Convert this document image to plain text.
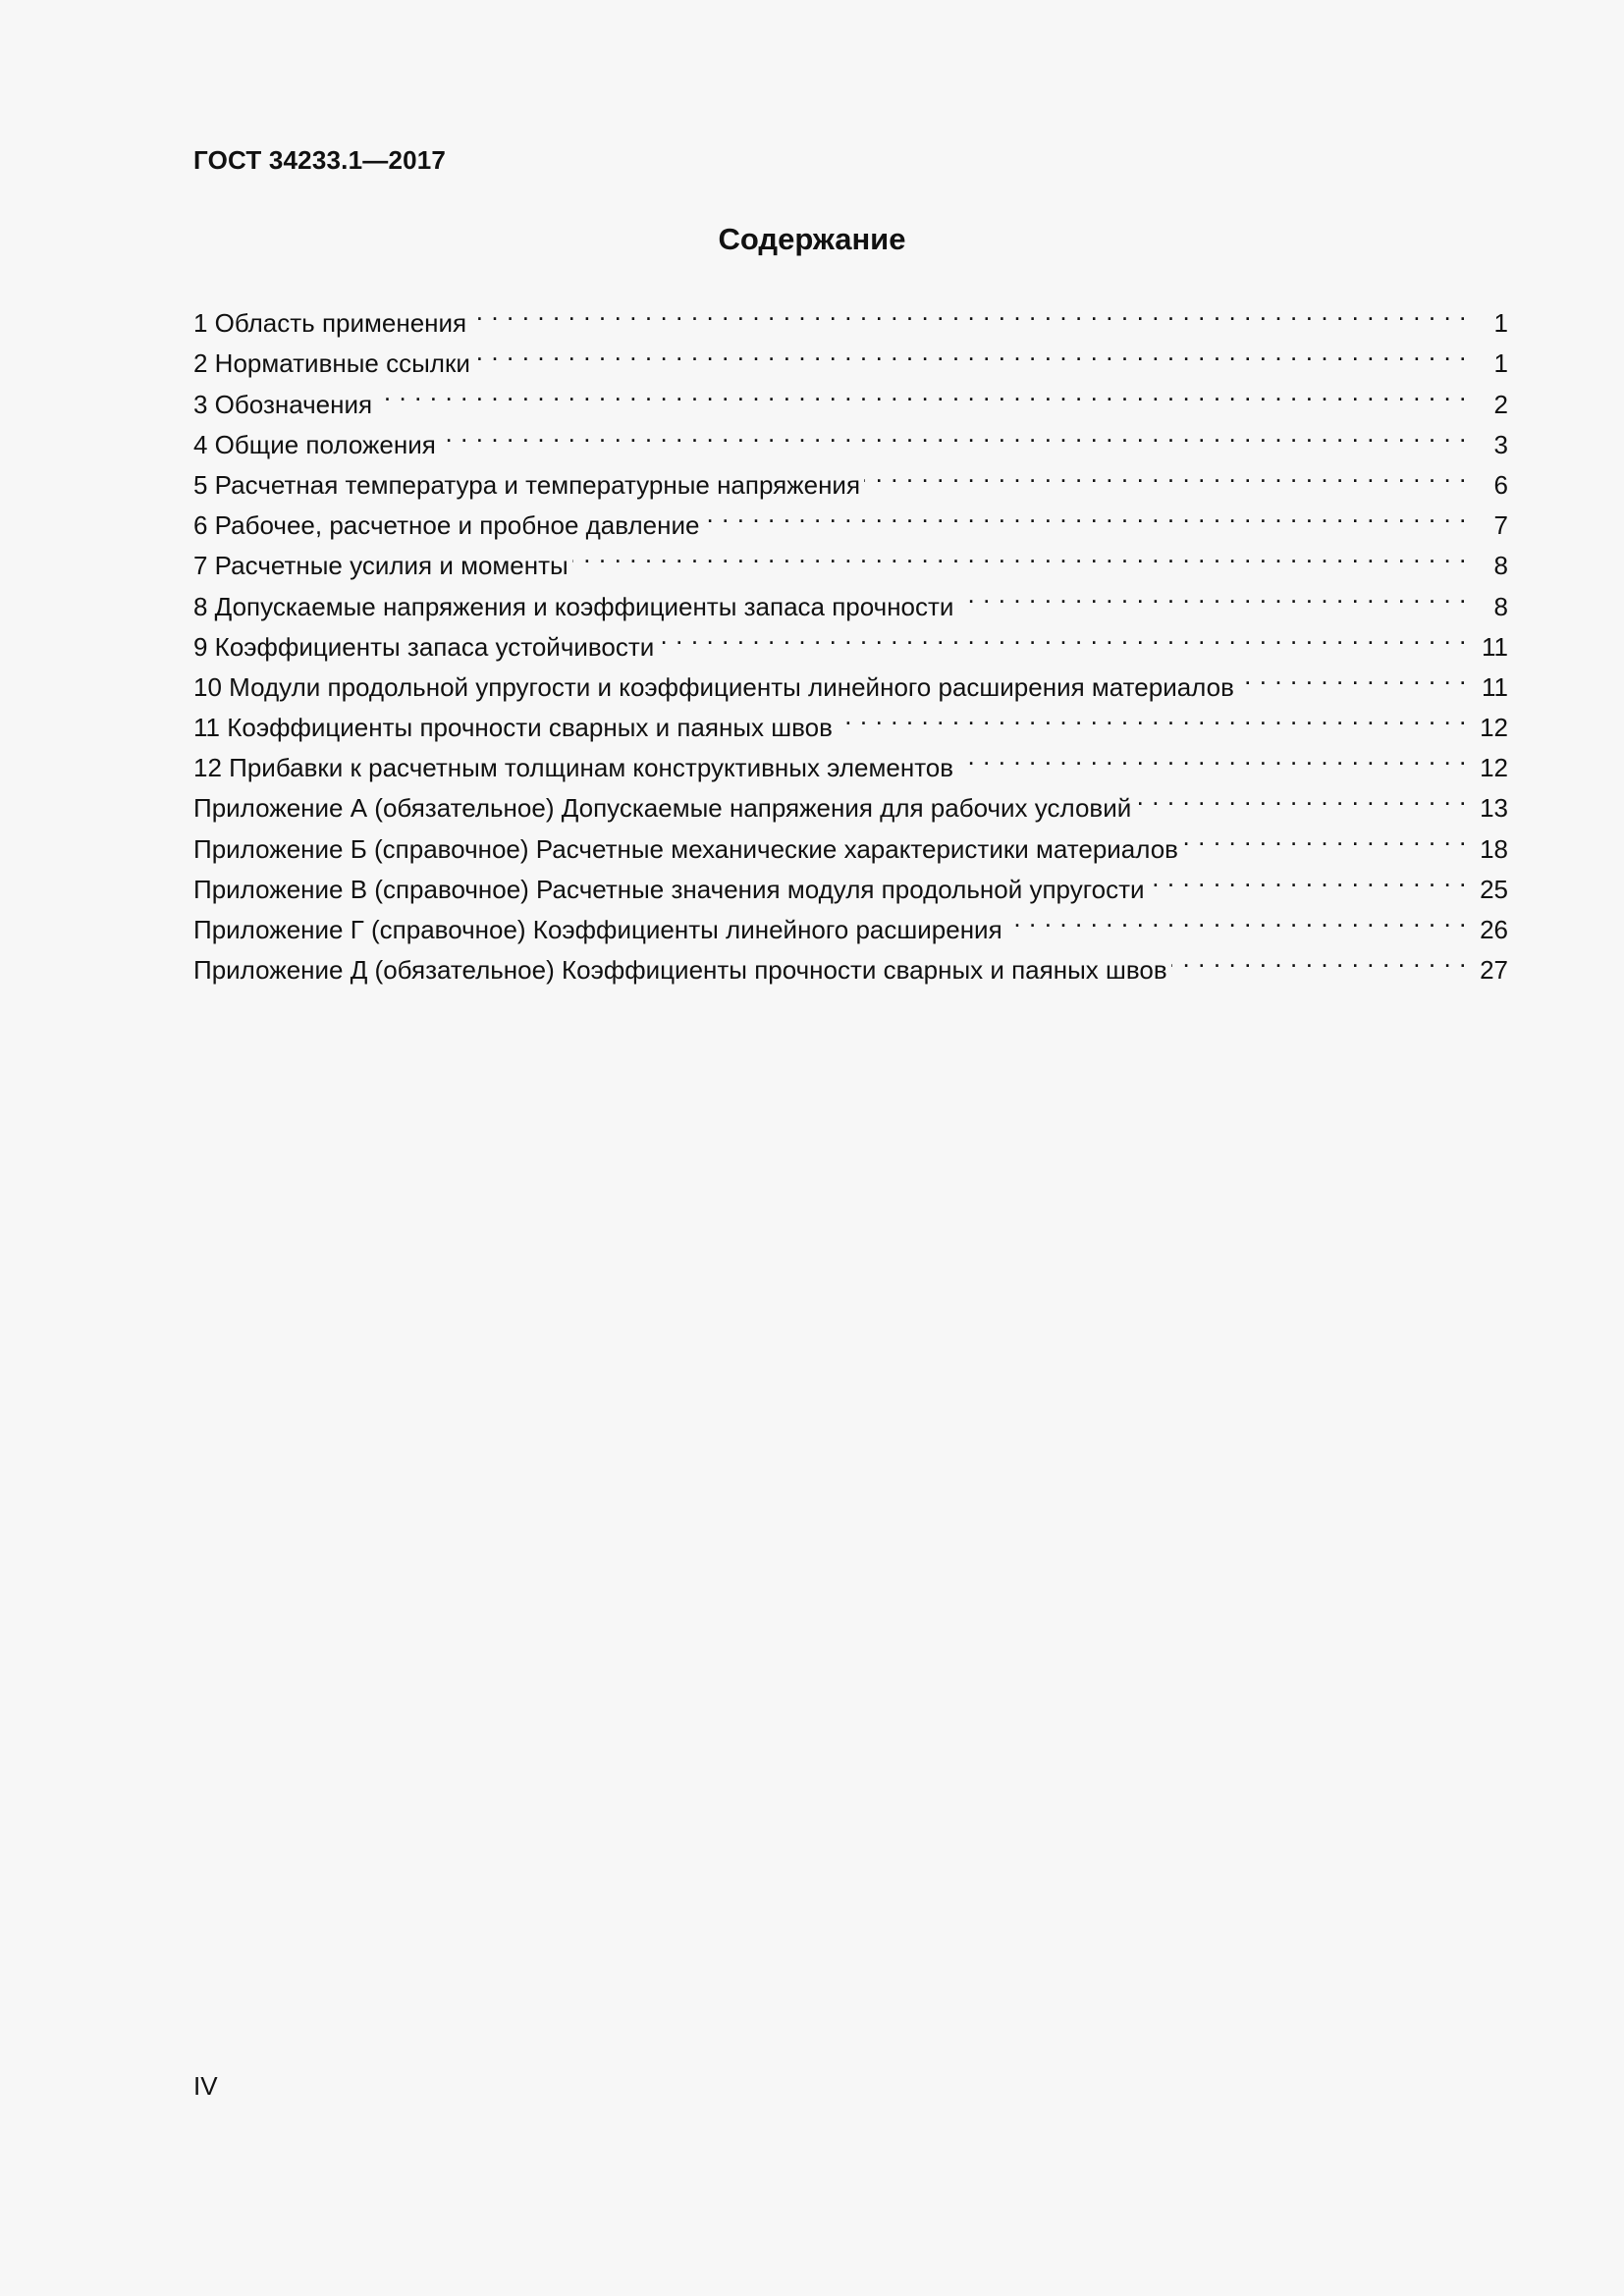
ГОСТ 34233.1—2017
Содержание
1 Область применения . . .	1
2 Нормативные ссылки . . .	1
3 Обозначения . . .	2
4 Общие положения . . .	3
5 Расчетная температура и температурные напряжения . . .	6
6 Рабочее, расчетное и пробное давление . . .	7
7 Расчетные усилия и моменты . . .	8
8 Допускаемые напряжения и коэффициенты запаса прочности . . .	8
9 Коэффициенты запаса устойчивости . . .	11
10 Модули продольной упругости и коэффициенты линейного расширения материалов . . .	11
11 Коэффициенты прочности сварных и паяных швов . . .	12
12 Прибавки к расчетным толщинам конструктивных элементов . . .	12
Приложение А (обязательное) Допускаемые напряжения для рабочих условий . . .	13
Приложение Б (справочное) Расчетные механические характеристики материалов . . .	18
Приложение В (справочное) Расчетные значения модуля продольной упругости . . .	25
Приложение Г (справочное) Коэффициенты линейного расширения . . .	26
Приложение Д (обязательное) Коэффициенты прочности сварных и паяных швов . . .	27
IV
